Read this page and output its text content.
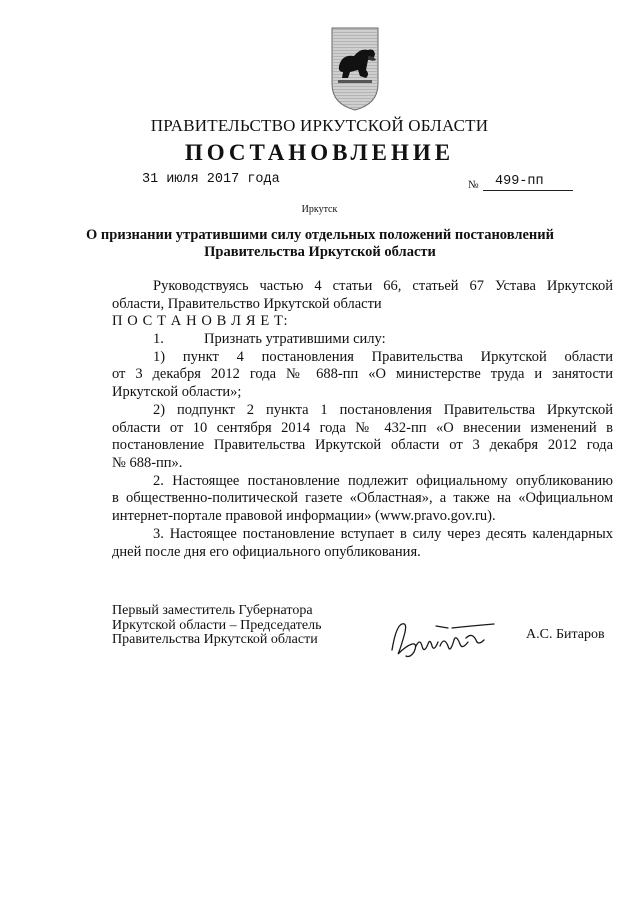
ПРАВИТЕЛЬСТВО ИРКУТСКОЙ ОБЛАСТИ
ПОСТАНОВЛЕНИЕ
31 июля 2017 года	№	499-пп
Иркутск
О признании утратившими силу отдельных положений постановлений
Правительства Иркутской области
Руководствуясь частью 4 статьи 66, статьей 67 Устава Иркутской
области, Правительство Иркутской области
П О С Т А Н О В Л Я Е Т:
1.	Признать утратившими силу:
1) пункт 4 постановления Правительства Иркутской области
от 3 декабря 2012 года № 688-пп «О министерстве труда и занятости
Иркутской области»;
2) подпункт 2 пункта 1 постановления Правительства Иркутской
области от 10 сентября 2014 года № 432-пп «О внесении изменений в
постановление Правительства Иркутской области от 3 декабря 2012 года
№ 688-пп».
2. Настоящее постановление подлежит официальному опубликованию
в общественно-политической газете «Областная», а также на «Официальном
интернет-портале правовой информации» (www.pravo.gov.ru).
3. Настоящее постановление вступает в силу через десять календарных
дней после дня его официального опубликования.
Первый заместитель Губернатора
Иркутской области – Председатель
Правительства Иркутской области	А.С. Битаров
